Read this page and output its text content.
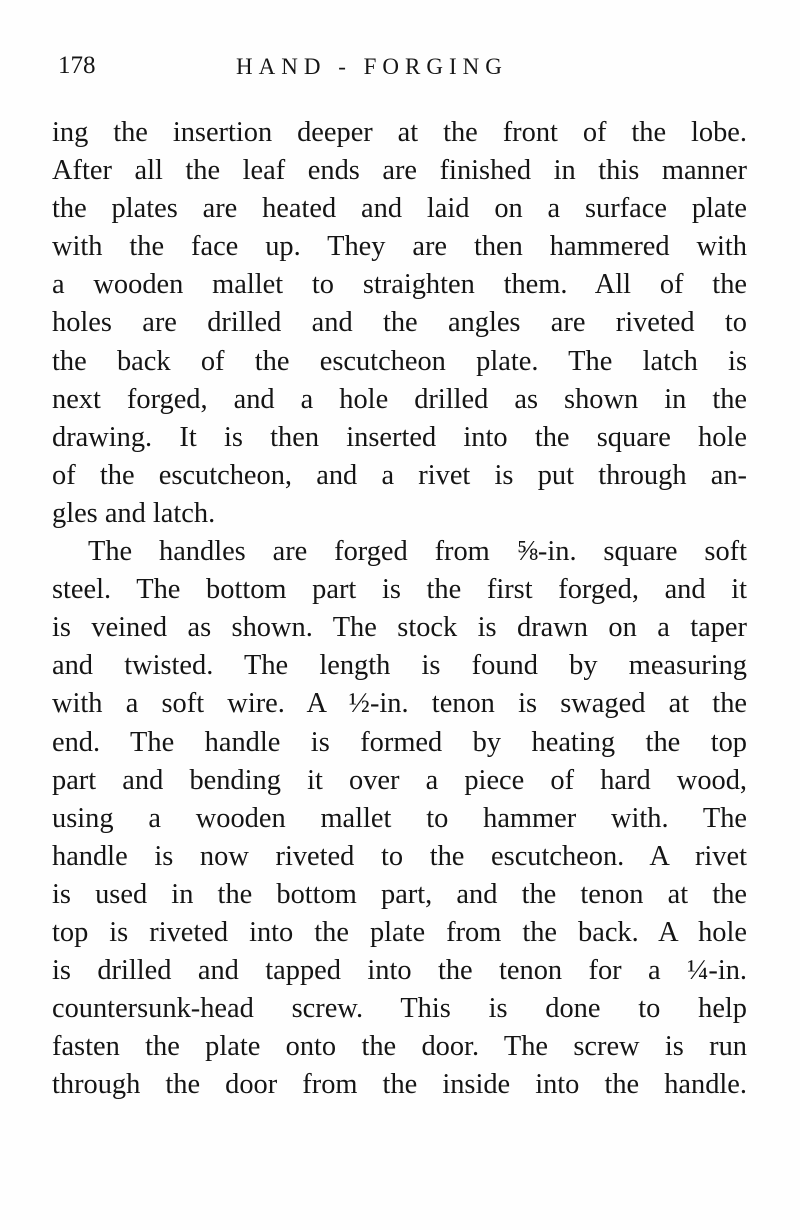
178	HAND - FORGING
ing the insertion deeper at the front of the lobe.
After all the leaf ends are finished in this manner
the plates are heated and laid on a surface plate
with the face up. They are then hammered with
a wooden mallet to straighten them. All of the
holes are drilled and the angles are riveted to
the back of the escutcheon plate. The latch is
next forged, and a hole drilled as shown in the
drawing. It is then inserted into the square hole
of the escutcheon, and a rivet is put through an-
gles and latch.
The handles are forged from ⅝-in. square soft
steel. The bottom part is the first forged, and it
is veined as shown. The stock is drawn on a taper
and twisted. The length is found by measuring
with a soft wire. A ½-in. tenon is swaged at the
end. The handle is formed by heating the top
part and bending it over a piece of hard wood,
using a wooden mallet to hammer with. The
handle is now riveted to the escutcheon. A rivet
is used in the bottom part, and the tenon at the
top is riveted into the plate from the back. A hole
is drilled and tapped into the tenon for a ¼-in.
countersunk-head screw. This is done to help
fasten the plate onto the door. The screw is run
through the door from the inside into the handle.
